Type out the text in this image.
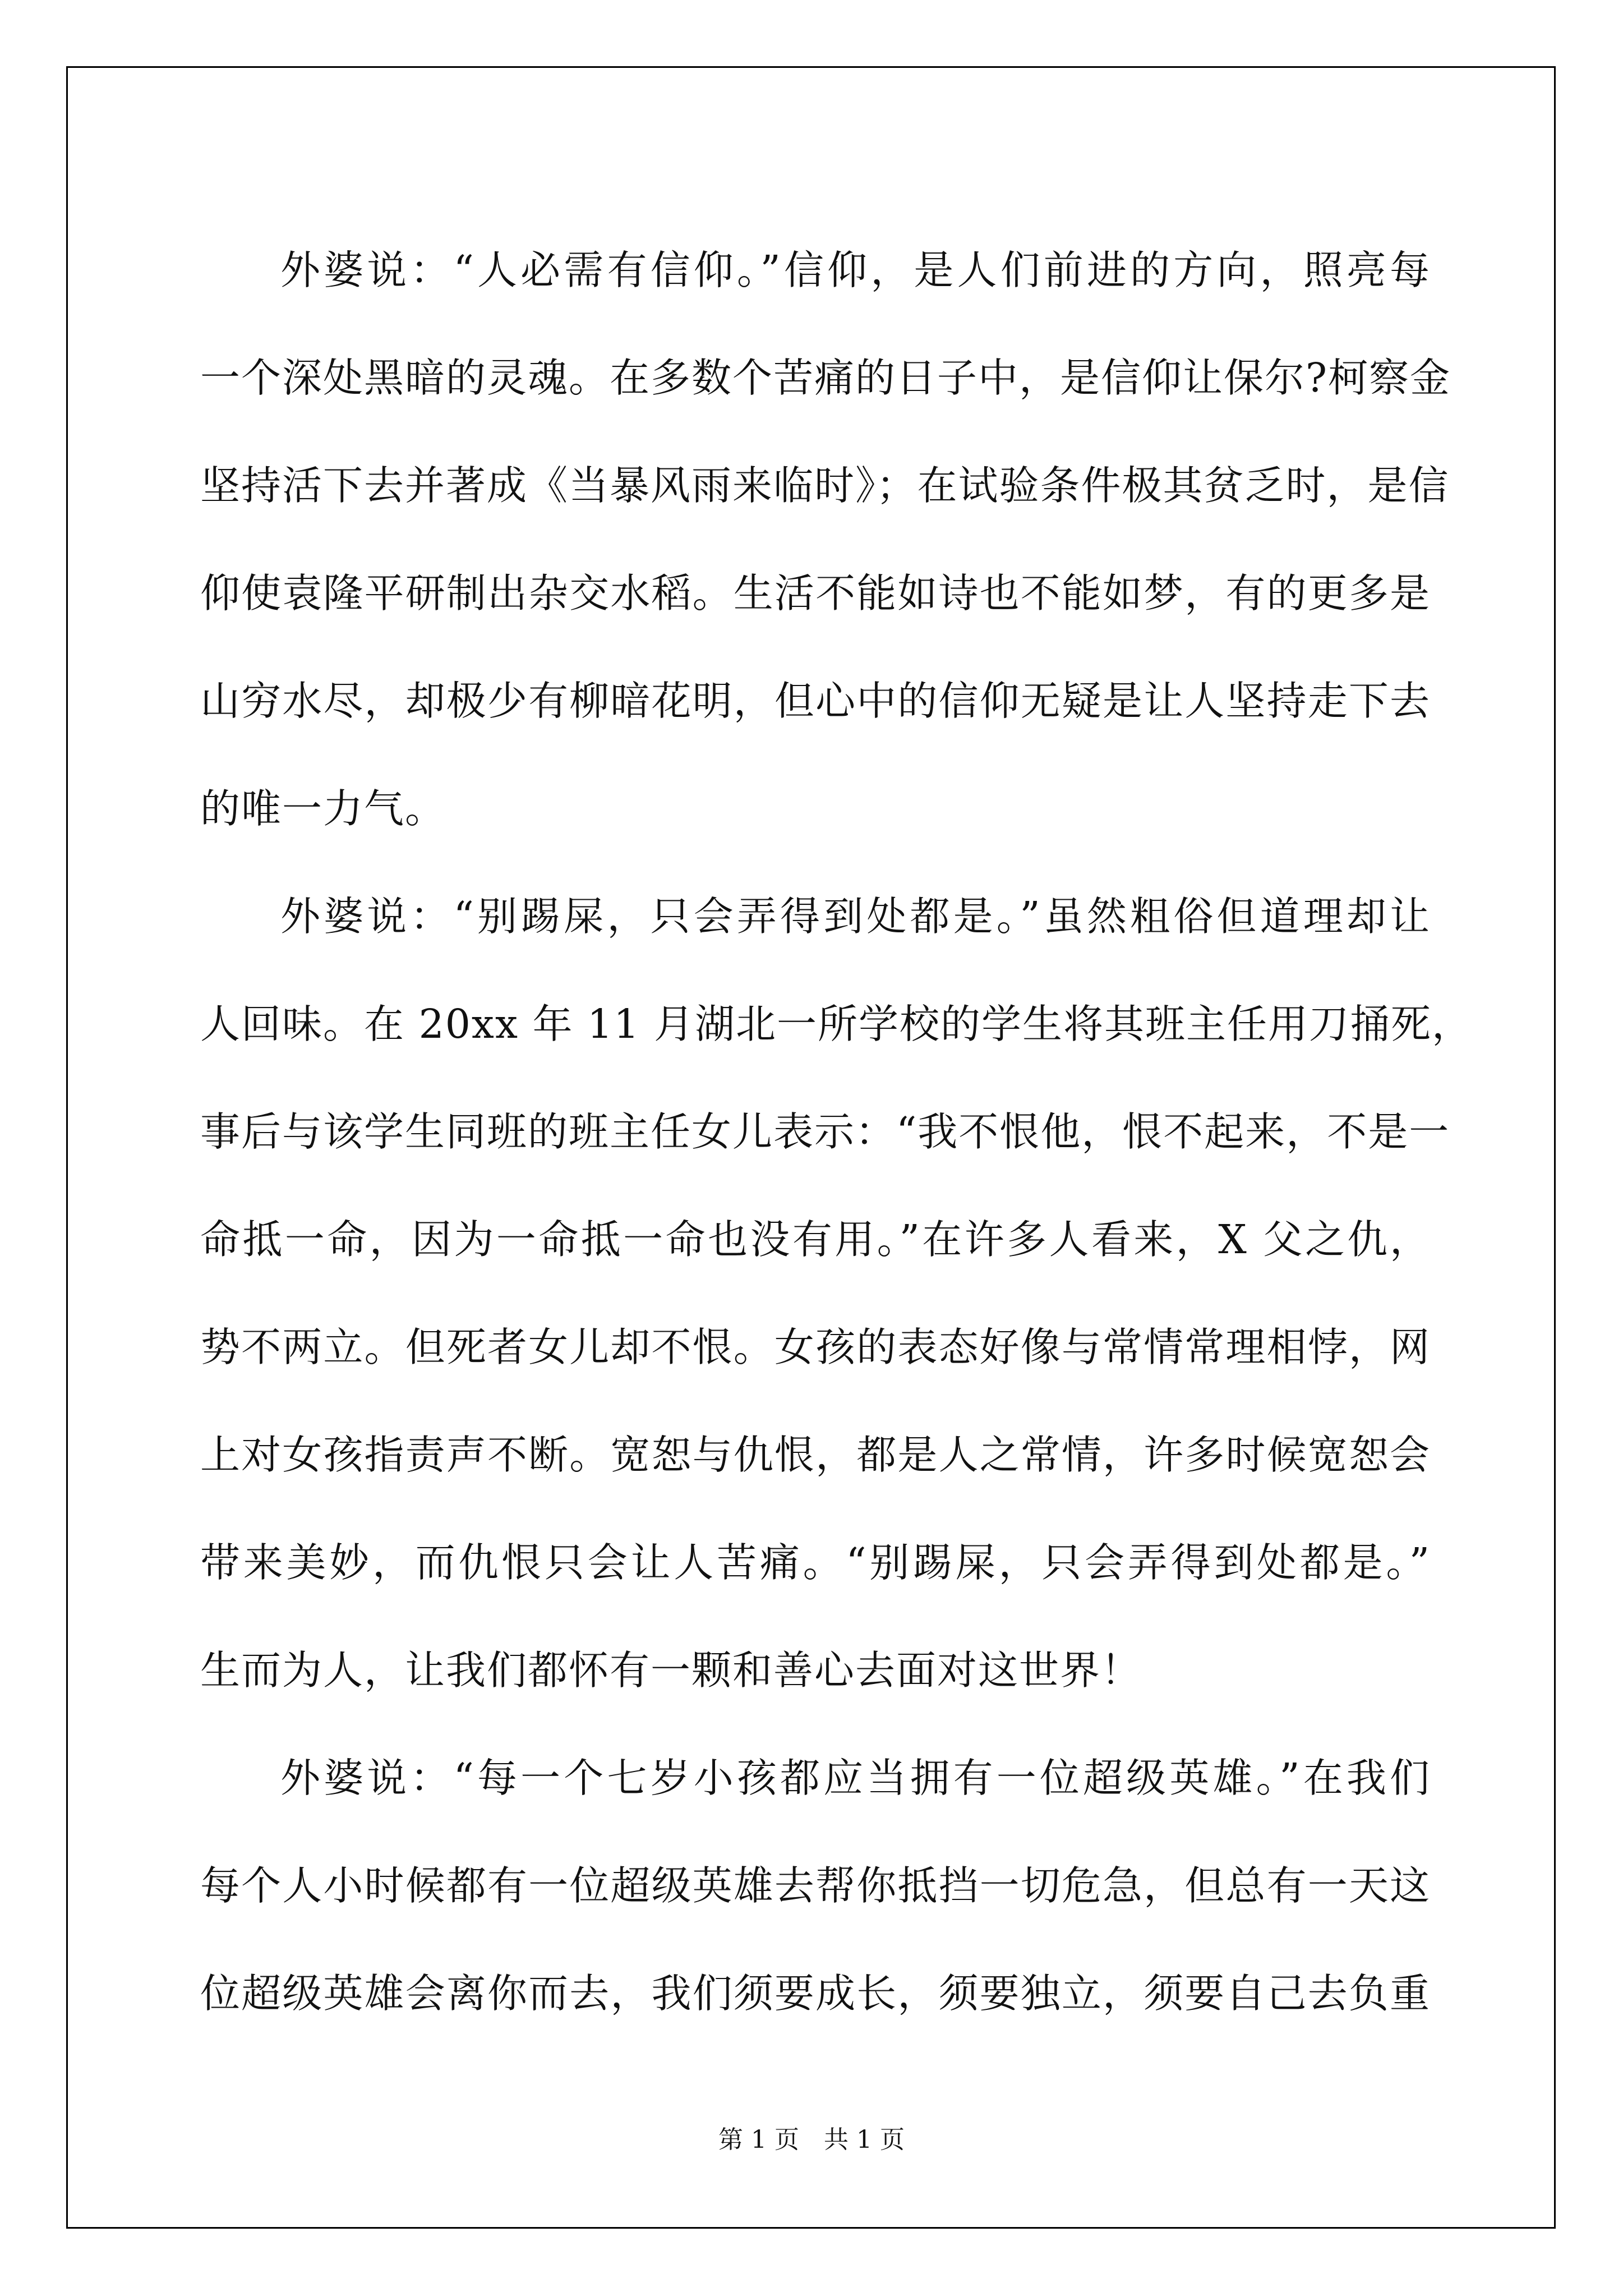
外婆说：“人必需有信仰。”信仰，是人们前进的方向，照亮每
一个深处黑暗的灵魂。在多数个苦痛的日子中，是信仰让保尔?柯察金
坚持活下去并著成《当暴风雨来临时》；在试验条件极其贫乏时，是信
仰使袁隆平研制出杂交水稻。生活不能如诗也不能如梦，有的更多是
山穷水尽，却极少有柳暗花明，但心中的信仰无疑是让人坚持走下去
的唯一力气。

外婆说：“别踢屎，只会弄得到处都是。”虽然粗俗但道理却让
人回味。在 20xx 年 11 月湖北一所学校的学生将其班主任用刀捅死，
事后与该学生同班的班主任女儿表示：“我不恨他，恨不起来，不是一
命抵一命，因为一命抵一命也没有用。”在许多人看来，X 父之仇，
势不两立。但死者女儿却不恨。女孩的表态好像与常情常理相悖，网
上对女孩指责声不断。宽恕与仇恨，都是人之常情，许多时候宽恕会
带来美妙，而仇恨只会让人苦痛。“别踢屎，只会弄得到处都是。”
生而为人，让我们都怀有一颗和善心去面对这世界！

外婆说：“每一个七岁小孩都应当拥有一位超级英雄。”在我们
每个人小时候都有一位超级英雄去帮你抵挡一切危急，但总有一天这
位超级英雄会离你而去，我们须要成长，须要独立，须要自己去负重

第 1 页　共 1 页
